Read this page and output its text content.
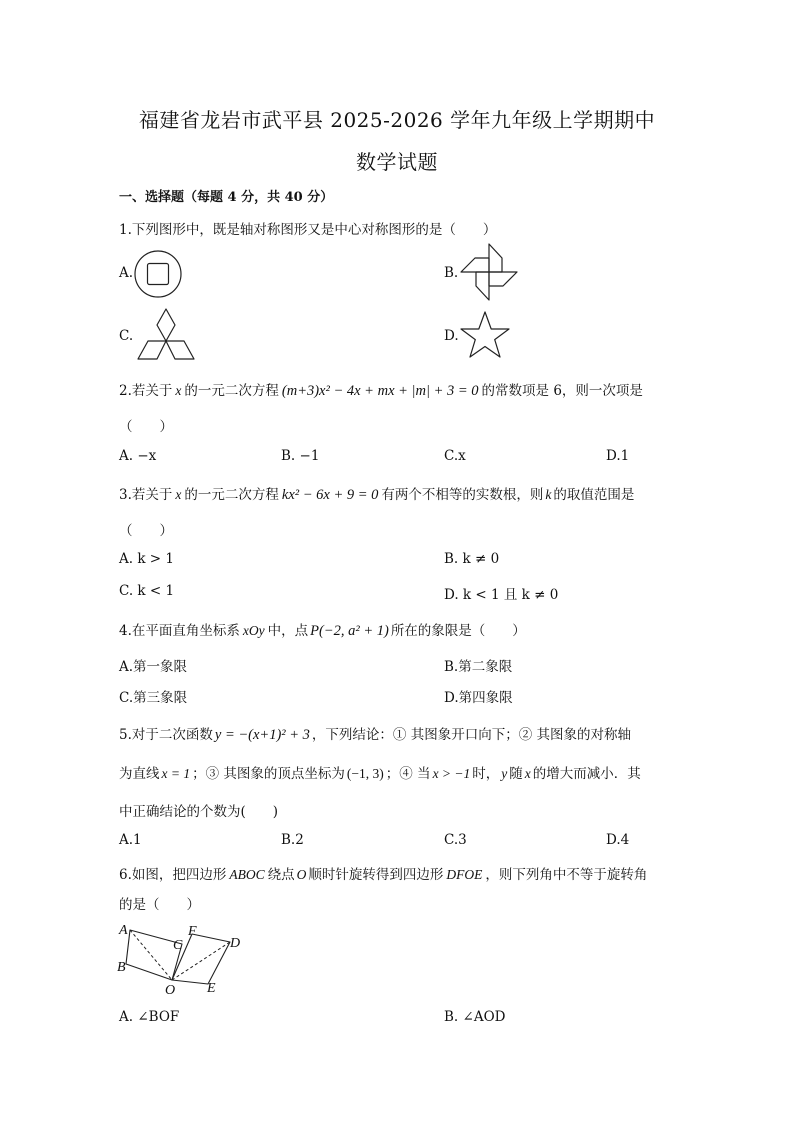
福建省龙岩市武平县 2025-2026 学年九年级上学期期中
数学试题
一、选择题（每题 4 分，共 40 分）
1.下列图形中，既是轴对称图形又是中心对称图形的是（　　）
A.	B.
C.	D.
2.若关于 x 的一元二次方程 (m+3)x² − 4x + mx + |m| + 3 = 0 的常数项是 6，则一次项是
（　　）
A. −x	B. −1	C.x	D.1
3.若关于 x 的一元二次方程 kx² − 6x + 9 = 0 有两个不相等的实数根，则 k 的取值范围是
（　　）
A. k > 1	B. k ≠ 0
C. k < 1	D. k < 1 且 k ≠ 0
4.在平面直角坐标系 xOy 中，点 P(−2, a² + 1) 所在的象限是（　　）
A.第一象限	B.第二象限
C.第三象限	D.第四象限
5.对于二次函数 y = −(x+1)² + 3 ，下列结论：① 其图象开口向下；② 其图象的对称轴
为直线 x = 1 ；③ 其图象的顶点坐标为 (−1, 3) ；④ 当 x > −1 时， y 随 x 的增大而减小．其
中正确结论的个数为(　　)
A.1	B.2	C.3	D.4
6.如图，把四边形 ABOC 绕点 O 顺时针旋转得到四边形 DFOE ，则下列角中不等于旋转角
的是（　　）
A
B
C
F
D
O E
A. ∠BOF	B. ∠AOD
